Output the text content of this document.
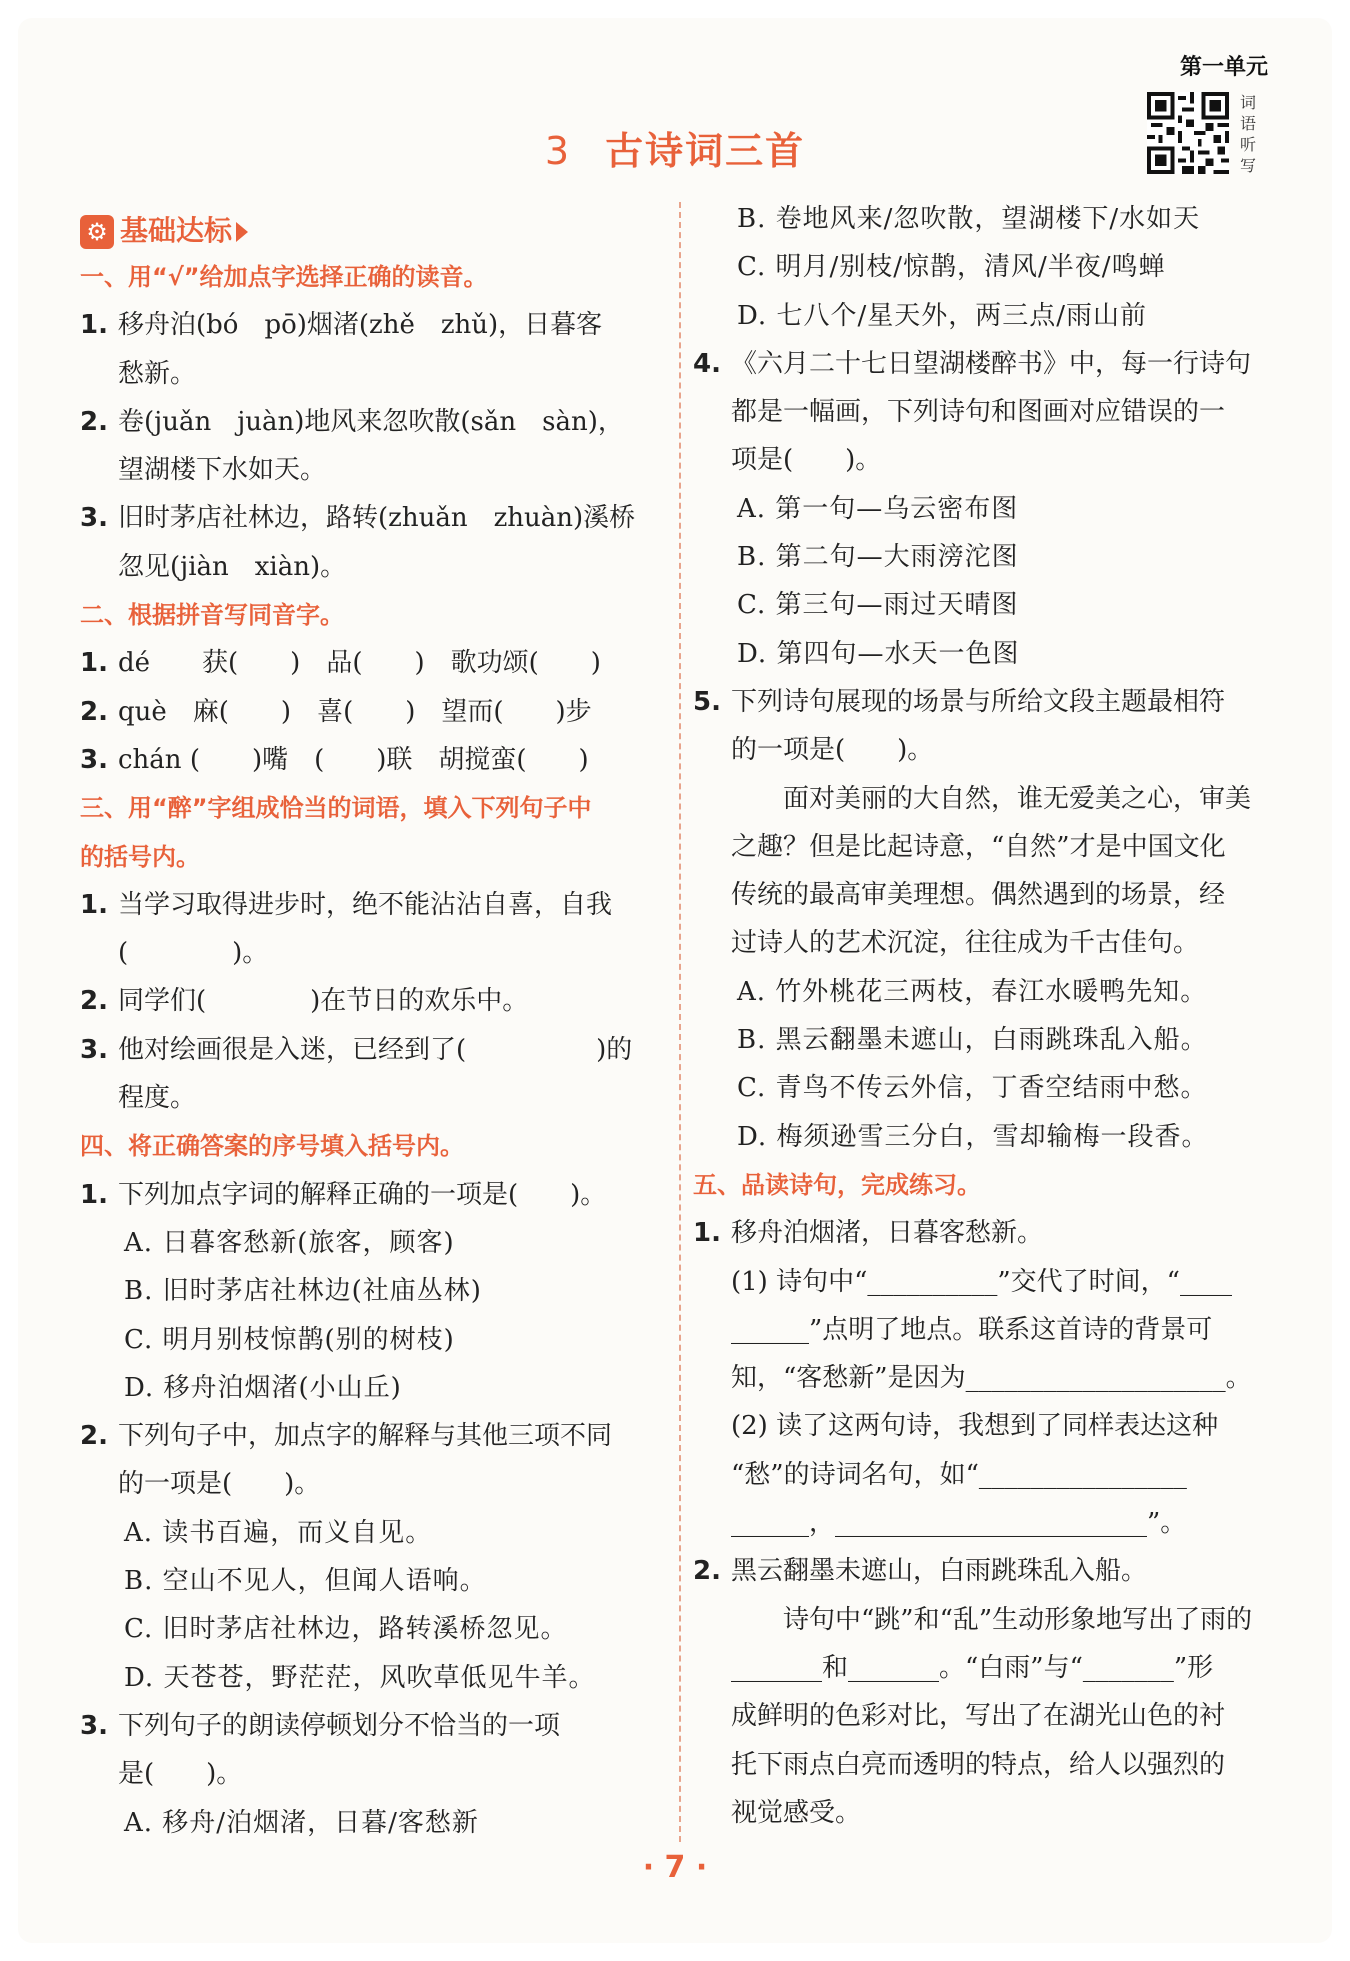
第一单元
词语听写
3 古诗词三首
⚙ 基础达标
一、用“√”给加点字选择正确的读音。
1. 移舟泊(bó　pō)烟渚(zhě　zhǔ)，日暮客
愁新。
2. 卷(juǎn　juàn)地风来忽吹散(sǎn　sàn)，
望湖楼下水如天。
3. 旧时茅店社林边，路转(zhuǎn　zhuàn)溪桥
忽见(jiàn　xiàn)。
二、根据拼音写同音字。
1. dé　　获(　　)　品(　　)　歌功颂(　　)
2. què　麻(　　)　喜(　　)　望而(　　)步
3. chán (　　)嘴　(　　)联　胡搅蛮(　　)
三、用“醉”字组成恰当的词语，填入下列句子中
的括号内。
1. 当学习取得进步时，绝不能沾沾自喜，自我
(　　　　)。
2. 同学们(　　　　)在节日的欢乐中。
3. 他对绘画很是入迷，已经到了(　　　　　)的
程度。
四、将正确答案的序号填入括号内。
1. 下列加点字词的解释正确的一项是(　　)。
A. 日暮客愁新(旅客，顾客)
B. 旧时茅店社林边(社庙丛林)
C. 明月别枝惊鹊(别的树枝)
D. 移舟泊烟渚(小山丘)
2. 下列句子中，加点字的解释与其他三项不同
的一项是(　　)。
A. 读书百遍，而义自见。
B. 空山不见人，但闻人语响。
C. 旧时茅店社林边，路转溪桥忽见。
D. 天苍苍，野茫茫，风吹草低见牛羊。
3. 下列句子的朗读停顿划分不恰当的一项
是(　　)。
A. 移舟/泊烟渚，日暮/客愁新
B. 卷地风来/忽吹散，望湖楼下/水如天
C. 明月/别枝/惊鹊，清风/半夜/鸣蝉
D. 七八个/星天外，两三点/雨山前
4. 《六月二十七日望湖楼醉书》中，每一行诗句
都是一幅画，下列诗句和图画对应错误的一
项是(　　)。
A. 第一句—乌云密布图
B. 第二句—大雨滂沱图
C. 第三句—雨过天晴图
D. 第四句—水天一色图
5. 下列诗句展现的场景与所给文段主题最相符
的一项是(　　)。
面对美丽的大自然，谁无爱美之心，审美
之趣？但是比起诗意，“自然”才是中国文化
传统的最高审美理想。偶然遇到的场景，经
过诗人的艺术沉淀，往往成为千古佳句。
A. 竹外桃花三两枝，春江水暖鸭先知。
B. 黑云翻墨未遮山，白雨跳珠乱入船。
C. 青鸟不传云外信，丁香空结雨中愁。
D. 梅须逊雪三分白，雪却输梅一段香。
五、品读诗句，完成练习。
1. 移舟泊烟渚，日暮客愁新。
(1) 诗句中“__________”交代了时间，“____
______”点明了地点。联系这首诗的背景可
知，“客愁新”是因为____________________。
(2) 读了这两句诗，我想到了同样表达这种
“愁”的诗词名句，如“________________
______，________________________”。
2. 黑云翻墨未遮山，白雨跳珠乱入船。
诗句中“跳”和“乱”生动形象地写出了雨的
_______和_______。“白雨”与“_______”形
成鲜明的色彩对比，写出了在湖光山色的衬
托下雨点白亮而透明的特点，给人以强烈的
视觉感受。
· 7 ·
